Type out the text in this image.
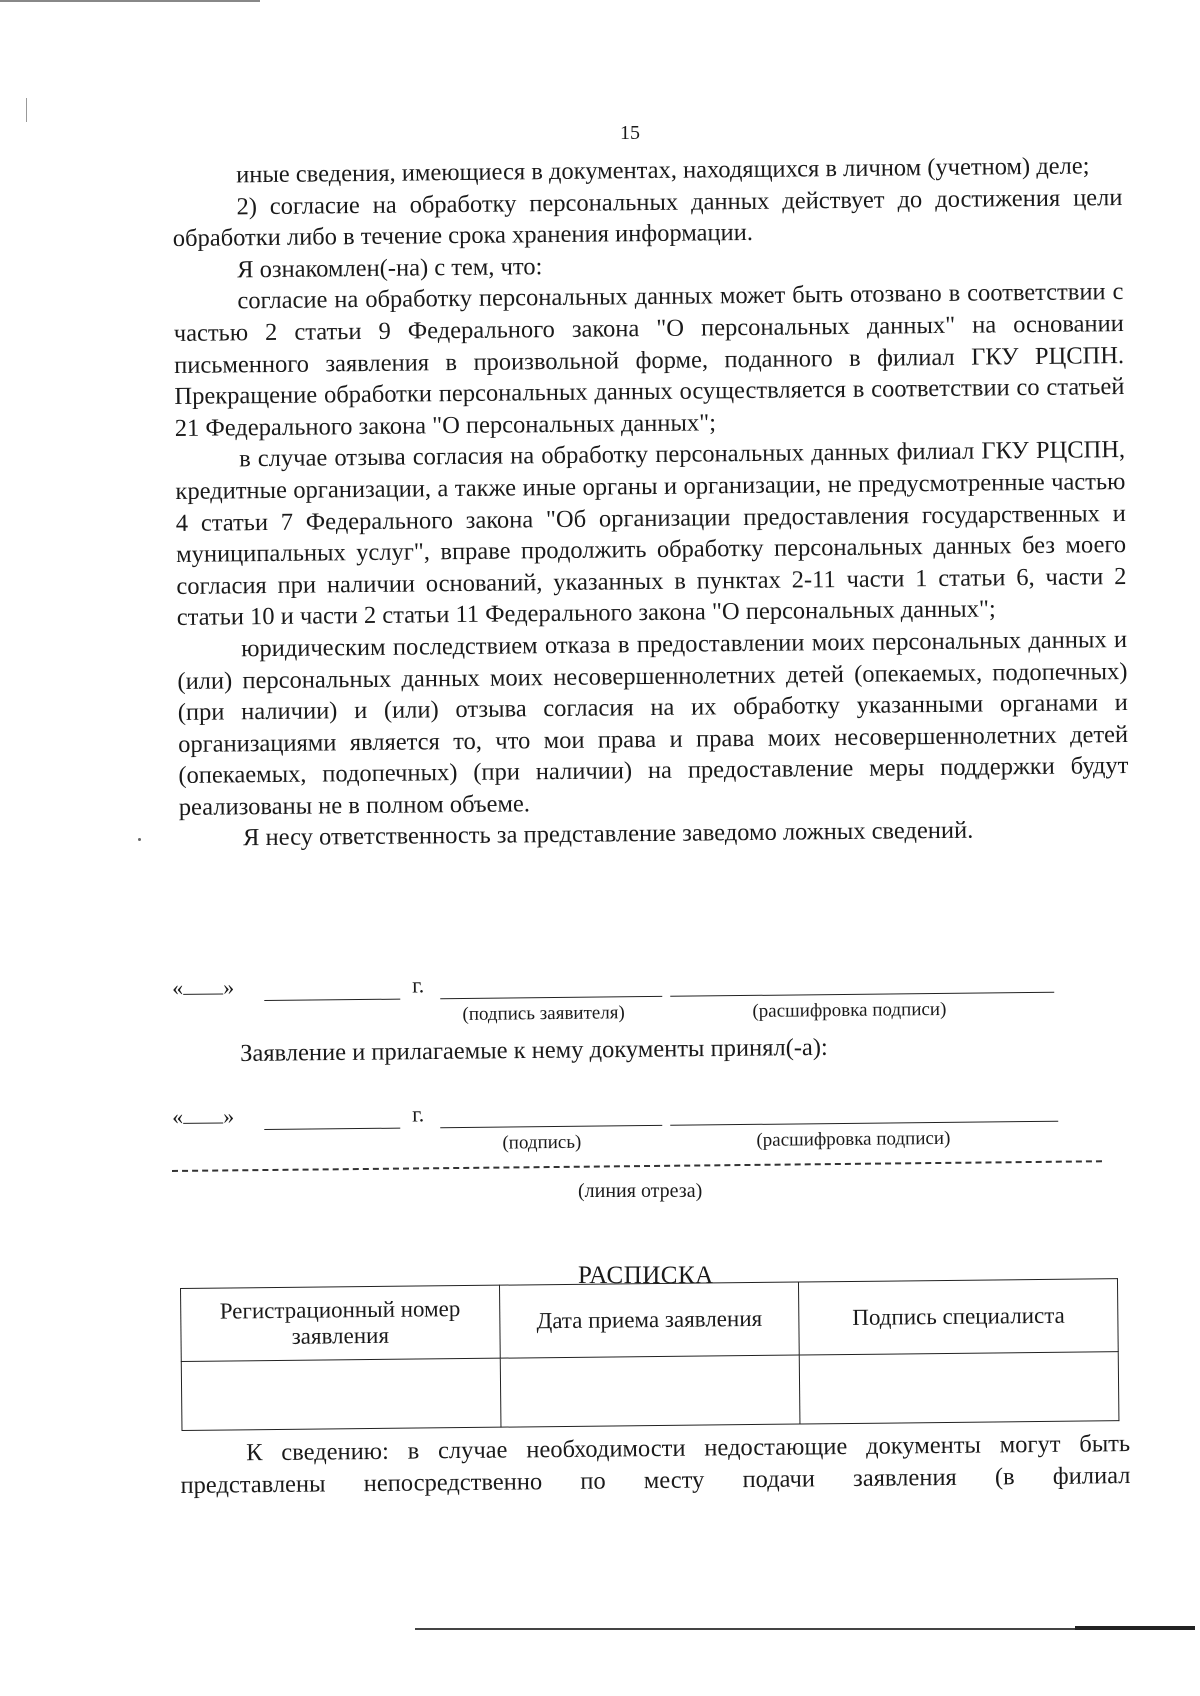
15

иные сведения, имеющиеся в документах, находящихся в личном (учетном) деле;

2) согласие на обработку персональных данных действует до достижения цели обработки либо в течение срока хранения информации.

Я ознакомлен(-на) с тем, что:

согласие на обработку персональных данных может быть отозвано в соответствии с частью 2 статьи 9 Федерального закона "О персональных данных" на основании письменного заявления в произвольной форме, поданного в филиал ГКУ РЦСПН. Прекращение обработки персональных данных осуществляется в соответствии со статьей 21 Федерального закона "О персональных данных";

в случае отзыва согласия на обработку персональных данных филиал ГКУ РЦСПН, кредитные организации, а также иные органы и организации, не предусмотренные частью 4 статьи 7 Федерального закона "Об организации предоставления государственных и муниципальных услуг", вправе продолжить обработку персональных данных без моего согласия при наличии оснований, указанных в пунктах 2-11 части 1 статьи 6, части 2 статьи 10 и части 2 статьи 11 Федерального закона "О персональных данных";

юридическим последствием отказа в предоставлении моих персональных данных и (или) персональных данных моих несовершеннолетних детей (опекаемых, подопечных) (при наличии) и (или) отзыва согласия на их обработку указанными органами и организациями является то, что мои права и права моих несовершеннолетних детей (опекаемых, подопечных) (при наличии) на предоставление меры поддержки будут реализованы не в полном объеме.

Я несу ответственность за представление заведомо ложных сведений.

« »	г.
(подпись заявителя)	(расшифровка подписи)
Заявление и прилагаемые к нему документы принял(-а):
« »	г.
(подпись)	(расшифровка подписи)
(линия отреза)
РАСПИСКА
Регистрационный номер заявления	Дата приема заявления	Подпись специалиста

К сведению: в случае необходимости недостающие документы могут быть представлены непосредственно по месту подачи заявления (в филиал
